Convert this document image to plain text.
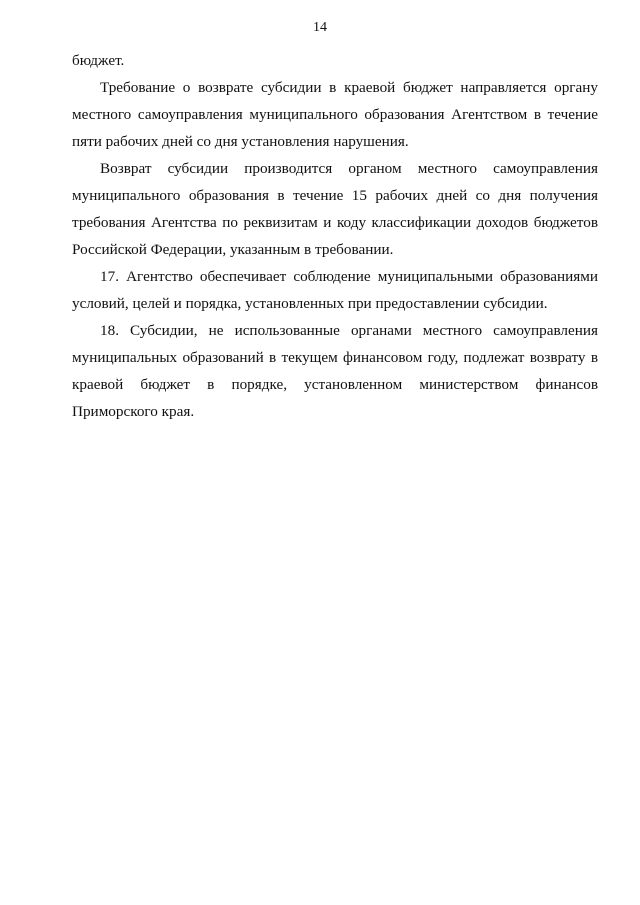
14

бюджет.

Требование о возврате субсидии в краевой бюджет направляется органу местного самоуправления муниципального образования Агентством в течение пяти рабочих дней со дня установления нарушения.

Возврат субсидии производится органом местного самоуправления муниципального образования в течение 15 рабочих дней со дня получения требования Агентства по реквизитам и коду классификации доходов бюджетов Российской Федерации, указанным в требовании.

17. Агентство обеспечивает соблюдение муниципальными образованиями условий, целей и порядка, установленных при предоставлении субсидии.

18. Субсидии, не использованные органами местного самоуправления муниципальных образований в текущем финансовом году, подлежат возврату в краевой бюджет в порядке, установленном министерством финансов

Приморского края.
